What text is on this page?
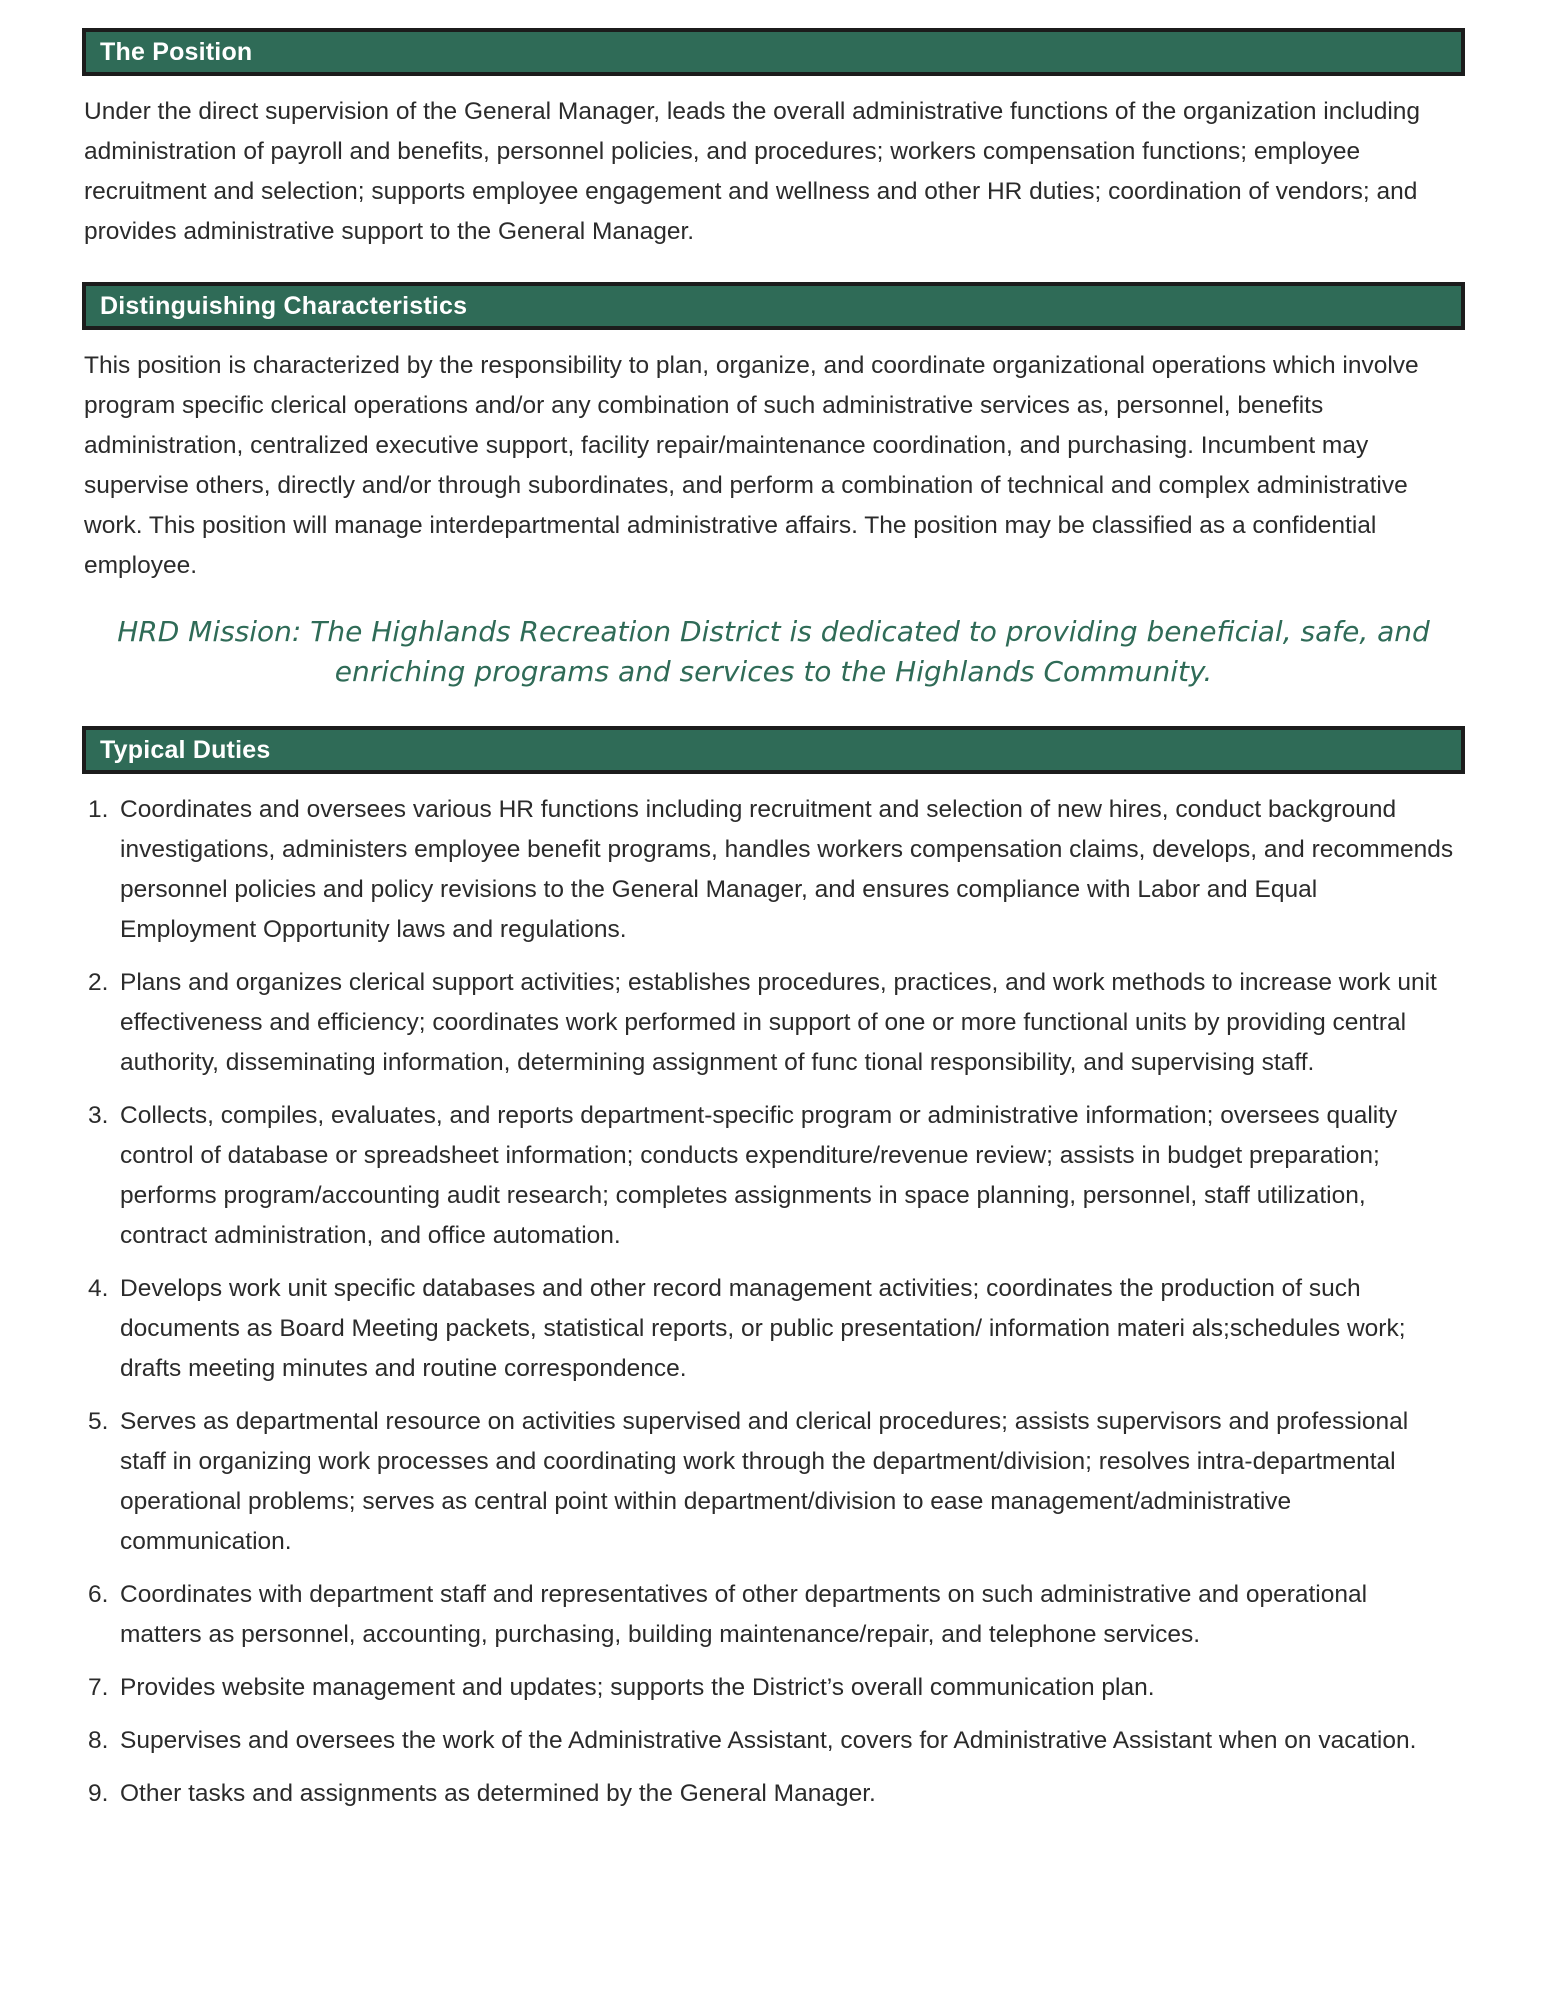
The Position

Under the direct supervision of the General Manager, leads the overall administrative functions of the organization including administration of payroll and benefits, personnel policies, and procedures; workers compensation functions; employee recruitment and selection; supports employee engagement and wellness and other HR duties; coordination of vendors; and provides administrative support to the General Manager.

Distinguishing Characteristics

This position is characterized by the responsibility to plan, organize, and coordinate organizational operations which involve program specific clerical operations and/or any combination of such administrative services as, personnel, benefits administration, centralized executive support, facility repair/maintenance coordination, and purchasing. Incumbent may supervise others, directly and/or through subordinates, and perform a combination of technical and complex administrative work. This position will manage interdepartmental administrative affairs. The position may be classified as a confidential employee.

HRD Mission: The Highlands Recreation District is dedicated to providing beneficial, safe, and enriching programs and services to the Highlands Community.

Typical Duties
1. Coordinates and oversees various HR functions including recruitment and selection of new hires, conduct background investigations, administers employee benefit programs, handles workers compensation claims, develops, and recommends personnel policies and policy revisions to the General Manager, and ensures compliance with Labor and Equal Employment Opportunity laws and regulations.
2. Plans and organizes clerical support activities; establishes procedures, practices, and work methods to increase work unit effectiveness and efficiency; coordinates work performed in support of one or more functional units by providing central authority, disseminating information, determining assignment of func tional responsibility, and supervising staff.
3. Collects, compiles, evaluates, and reports department-specific program or administrative information; oversees quality control of database or spreadsheet information; conducts expenditure/revenue review; assists in budget preparation; performs program/accounting audit research; completes assignments in space planning, personnel, staff utilization, contract administration, and office automation.
4. Develops work unit specific databases and other record management activities; coordinates the production of such documents as Board Meeting packets, statistical reports, or public presentation/ information materi als;schedules work; drafts meeting minutes and routine correspondence.
5. Serves as departmental resource on activities supervised and clerical procedures; assists supervisors and professional staff in organizing work processes and coordinating work through the department/division; resolves intra-departmental operational problems; serves as central point within department/division to ease management/administrative communication.
6. Coordinates with department staff and representatives of other departments on such administrative and operational matters as personnel, accounting, purchasing, building maintenance/repair, and telephone services.
7. Provides website management and updates; supports the District’s overall communication plan.
8. Supervises and oversees the work of the Administrative Assistant, covers for Administrative Assistant when on vacation.
9. Other tasks and assignments as determined by the General Manager.
